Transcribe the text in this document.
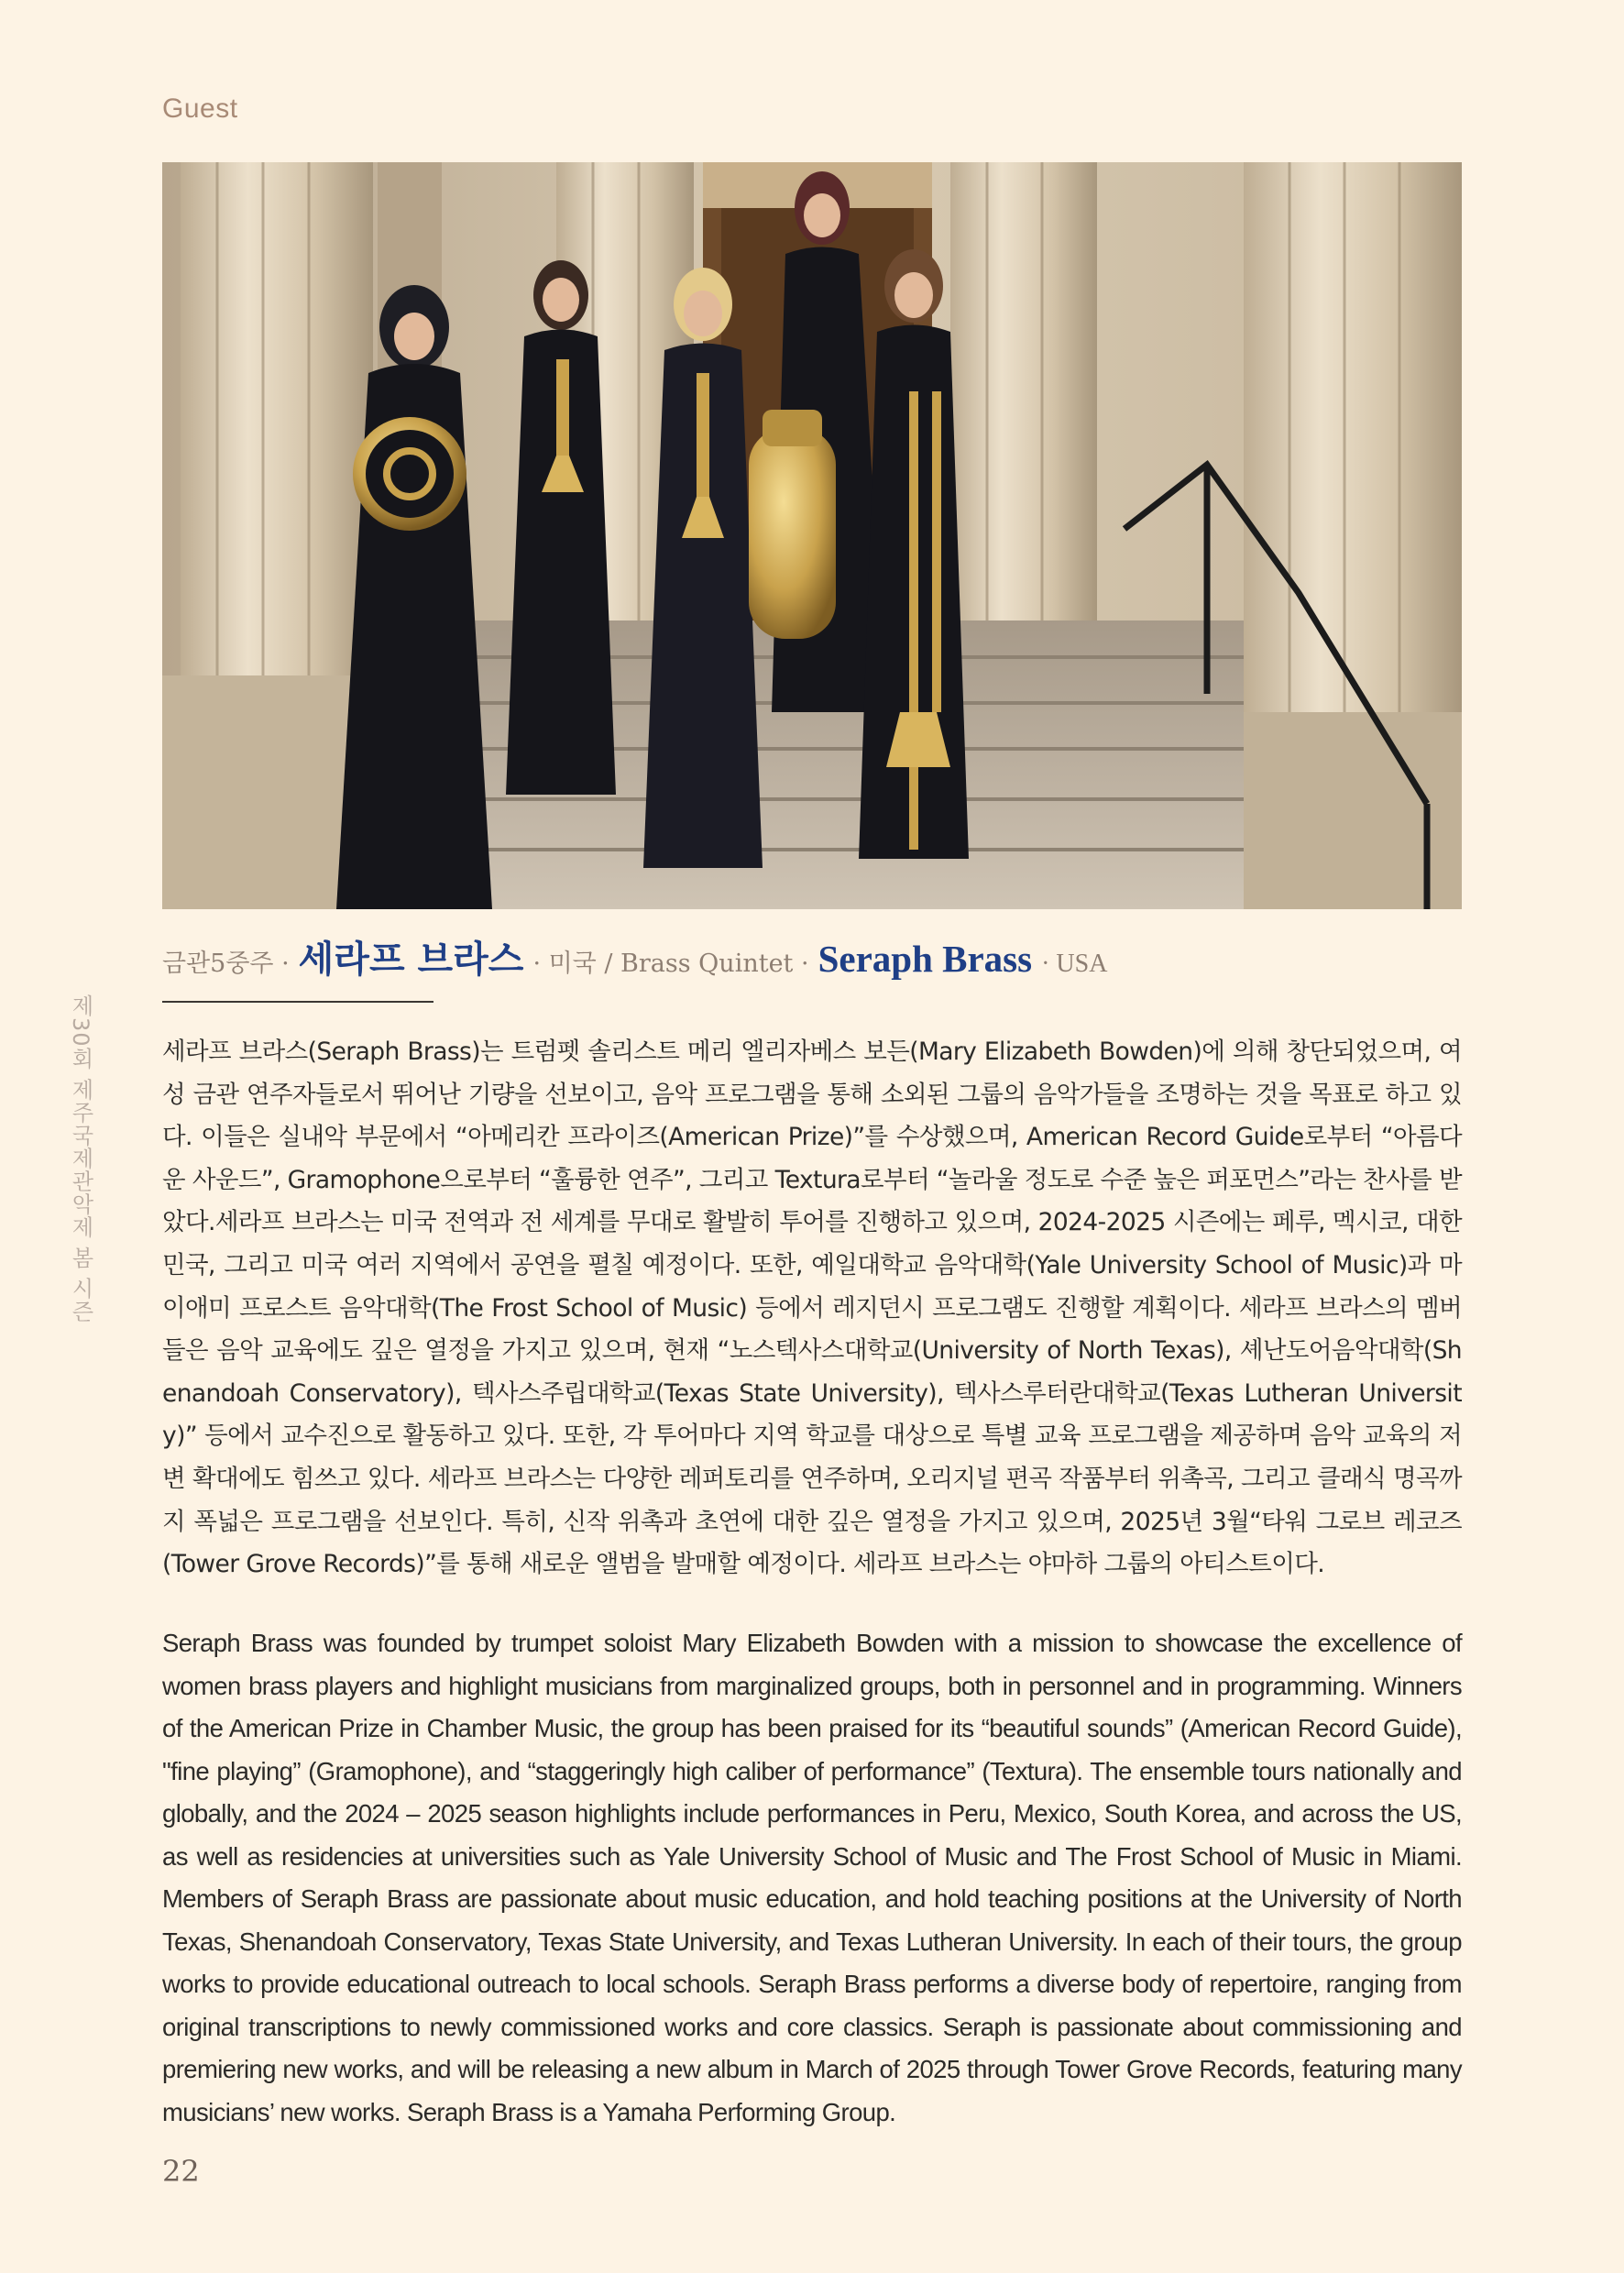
Guest
금관5중주 · 세라프 브라스 · 미국 / Brass Quintet · Seraph Brass · USA
제30회 제주국제관악제 봄 시즌	세라프 브라스(Seraph Brass)는 트럼펫 솔리스트 메리 엘리자베스 보든(Mary Elizabeth Bowden)에 의해 창단되었으며, 여성 금관 연주자들로서 뛰어난 기량을 선보이고, 음악 프로그램을 통해 소외된 그룹의 음악가들을 조명하는 것을 목표로 하고 있다. 이들은 실내악 부문에서 “아메리칸 프라이즈(American Prize)”를 수상했으며, American Record Guide로부터 “아름다운 사운드”, Gramophone으로부터 “훌륭한 연주”, 그리고 Textura로부터 “놀라울 정도로 수준 높은 퍼포먼스”라는 찬사를 받았다.세라프 브라스는 미국 전역과 전 세계를 무대로 활발히 투어를 진행하고 있으며, 2024-2025 시즌에는 페루, 멕시코, 대한민국, 그리고 미국 여러 지역에서 공연을 펼칠 예정이다. 또한, 예일대학교 음악대학(Yale University School of Music)과 마이애미 프로스트 음악대학(The Frost School of Music) 등에서 레지던시 프로그램도 진행할 계획이다. 세라프 브라스의 멤버들은 음악 교육에도 깊은 열정을 가지고 있으며, 현재 “노스텍사스대학교(University of North Texas), 셰난도어음악대학(Shenandoah Conservatory), 텍사스주립대학교(Texas State University), 텍사스루터란대학교(Texas Lutheran University)” 등에서 교수진으로 활동하고 있다. 또한, 각 투어마다 지역 학교를 대상으로 특별 교육 프로그램을 제공하며 음악 교육의 저변 확대에도 힘쓰고 있다. 세라프 브라스는 다양한 레퍼토리를 연주하며, 오리지널 편곡 작품부터 위촉곡, 그리고 클래식 명곡까지 폭넓은 프로그램을 선보인다. 특히, 신작 위촉과 초연에 대한 깊은 열정을 가지고 있으며, 2025년 3월“타워 그로브 레코즈(Tower Grove Records)”를 통해 새로운 앨범을 발매할 예정이다. 세라프 브라스는 야마하 그룹의 아티스트이다.

Seraph Brass was founded by trumpet soloist Mary Elizabeth Bowden with a mission to showcase the excellence of women brass players and highlight musicians from marginalized groups, both in personnel and in programming. Winners of the American Prize in Chamber Music, the group has been praised for its “beautiful sounds” (American Record Guide), "fine playing” (Gramophone), and “staggeringly high caliber of performance” (Textura). The ensemble tours nationally and globally, and the 2024 – 2025 season highlights include performances in Peru, Mexico, South Korea, and across the US, as well as residencies at universities such as Yale University School of Music and The Frost School of Music in Miami. Members of Seraph Brass are passionate about music education, and hold teaching positions at the University of North Texas, Shenandoah Conservatory, Texas State University, and Texas Lutheran University. In each of their tours, the group works to provide educational outreach to local schools. Seraph Brass performs a diverse body of repertoire, ranging from original transcriptions to newly commissioned works and core classics. Seraph is passionate about commissioning and premiering new works, and will be releasing a new album in March of 2025 through Tower Grove Records, featuring many musicians’ new works. Seraph Brass is a Yamaha Performing Group.

22
